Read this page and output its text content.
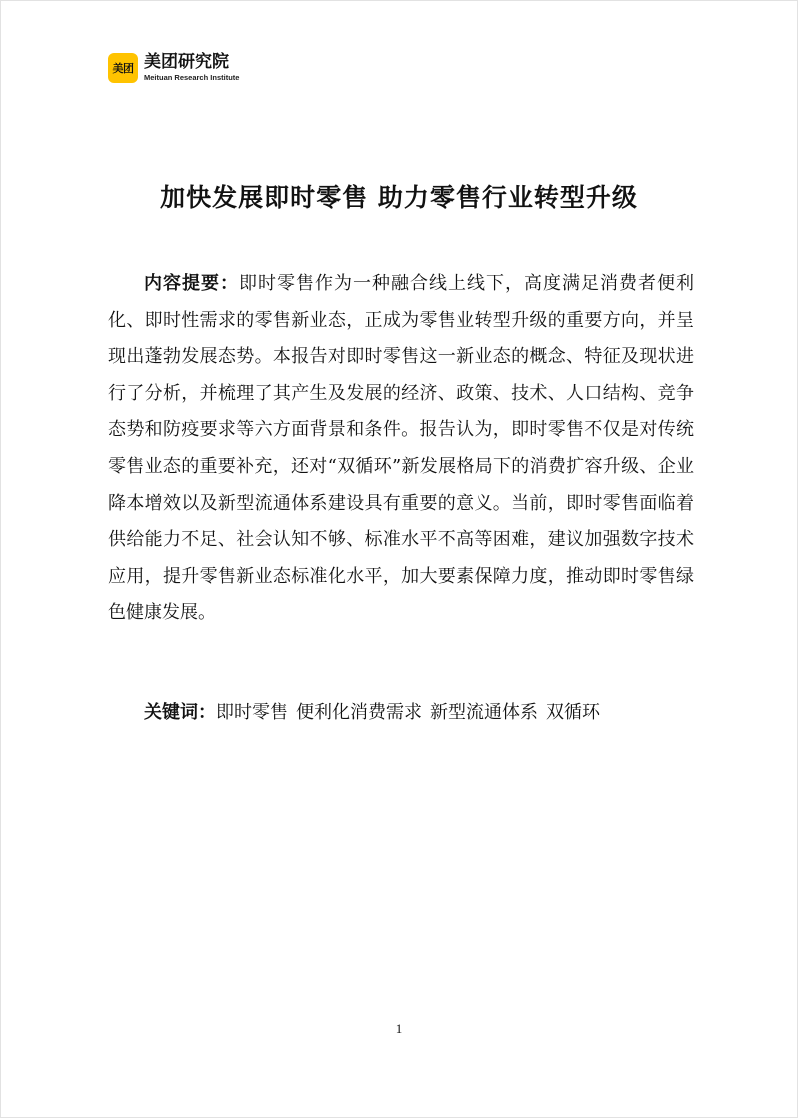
美团 美团研究院
Meituan Research Institute
加快发展即时零售 助力零售行业转型升级

内容提要：即时零售作为一种融合线上线下，高度满足消费者便利化、即时性需求的零售新业态，正成为零售业转型升级的重要方向，并呈现出蓬勃发展态势。本报告对即时零售这一新业态的概念、特征及现状进行了分析，并梳理了其产生及发展的经济、政策、技术、人口结构、竞争态势和防疫要求等六方面背景和条件。报告认为，即时零售不仅是对传统零售业态的重要补充，还对“双循环”新发展格局下的消费扩容升级、企业降本增效以及新型流通体系建设具有重要的意义。当前，即时零售面临着供给能力不足、社会认知不够、标准水平不高等困难，建议加强数字技术应用，提升零售新业态标准化水平，加大要素保障力度，推动即时零售绿色健康发展。

关键词：即时零售 便利化消费需求 新型流通体系 双循环

1
